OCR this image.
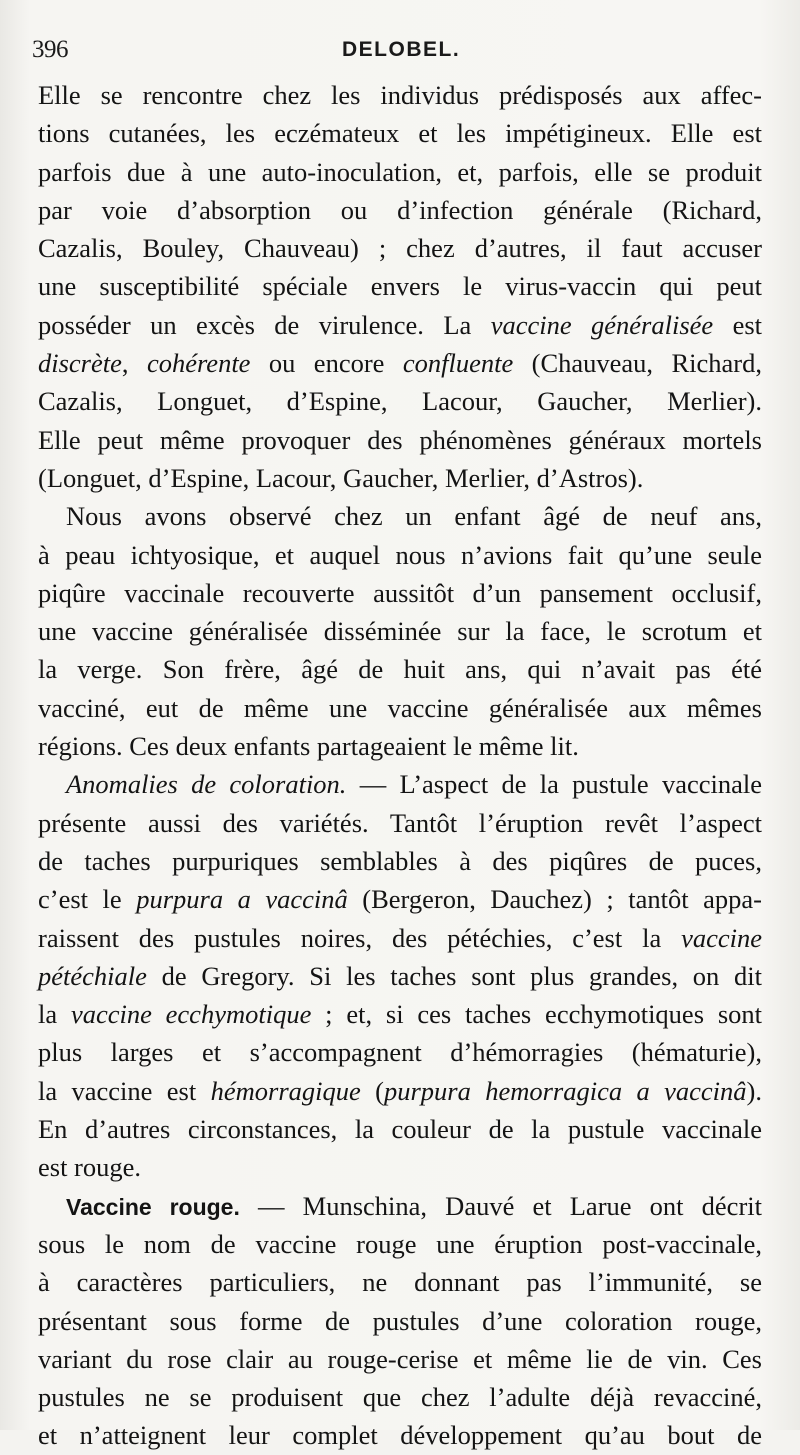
396	DELOBEL.
Elle se rencontre chez les individus prédisposés aux affec-
tions cutanées, les eczémateux et les impétigineux. Elle est
parfois due à une auto-inoculation, et, parfois, elle se produit
par voie d’absorption ou d’infection générale (Richard,
Cazalis, Bouley, Chauveau) ; chez d’autres, il faut accuser
une susceptibilité spéciale envers le virus-vaccin qui peut
posséder un excès de virulence. La vaccine généralisée est
discrète, cohérente ou encore confluente (Chauveau, Richard,
Cazalis, Longuet, d’Espine, Lacour, Gaucher, Merlier).
Elle peut même provoquer des phénomènes généraux mortels
(Longuet, d’Espine, Lacour, Gaucher, Merlier, d’Astros).
Nous avons observé chez un enfant âgé de neuf ans,
à peau ichtyosique, et auquel nous n’avions fait qu’une seule
piqûre vaccinale recouverte aussitôt d’un pansement occlusif,
une vaccine généralisée disséminée sur la face, le scrotum et
la verge. Son frère, âgé de huit ans, qui n’avait pas été
vacciné, eut de même une vaccine généralisée aux mêmes
régions. Ces deux enfants partageaient le même lit.
Anomalies de coloration. — L’aspect de la pustule vaccinale
présente aussi des variétés. Tantôt l’éruption revêt l’aspect
de taches purpuriques semblables à des piqûres de puces,
c’est le purpura a vaccinâ (Bergeron, Dauchez) ; tantôt appa-
raissent des pustules noires, des pétéchies, c’est la vaccine
pétéchiale de Gregory. Si les taches sont plus grandes, on dit
la vaccine ecchymotique ; et, si ces taches ecchymotiques sont
plus larges et s’accompagnent d’hémorragies (hématurie),
la vaccine est hémorragique (purpura hemorragica a vaccinâ).
En d’autres circonstances, la couleur de la pustule vaccinale
est rouge.
Vaccine rouge. — Munschina, Dauvé et Larue ont décrit
sous le nom de vaccine rouge une éruption post-vaccinale,
à caractères particuliers, ne donnant pas l’immunité, se
présentant sous forme de pustules d’une coloration rouge,
variant du rose clair au rouge-cerise et même lie de vin. Ces
pustules ne se produisent que chez l’adulte déjà revacciné,
et n’atteignent leur complet développement qu’au bout de
